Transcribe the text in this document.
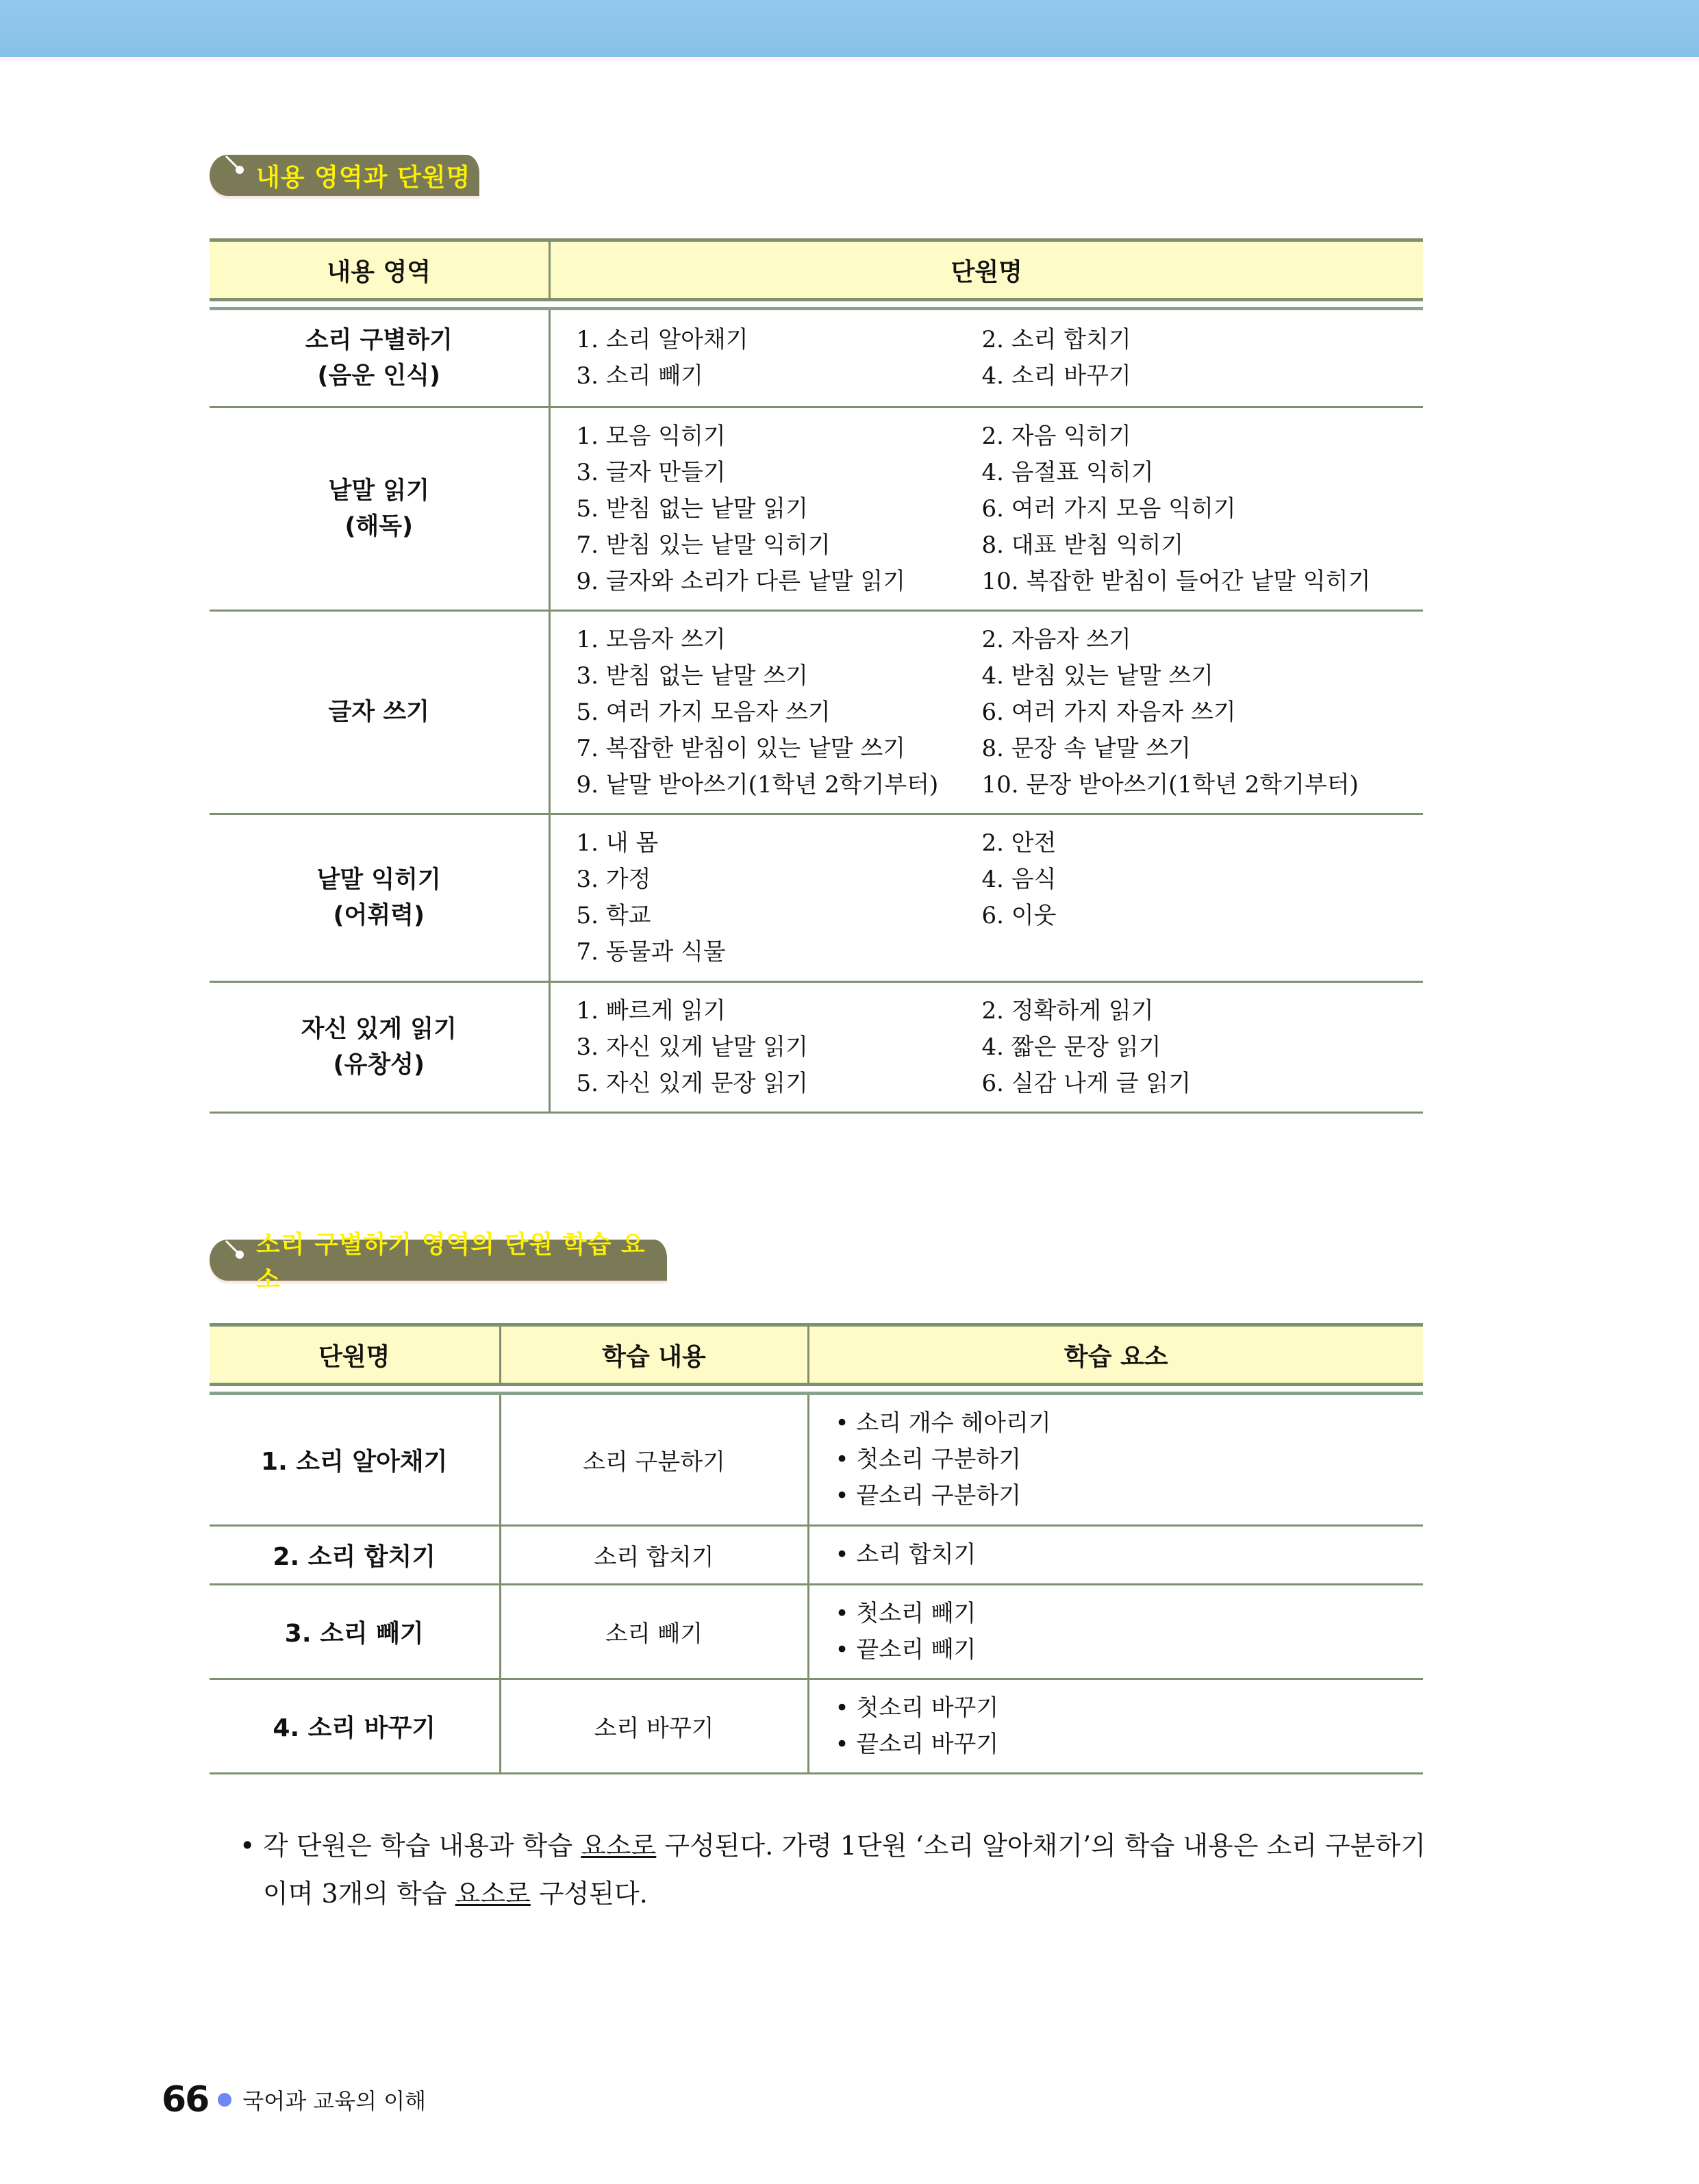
내용 영역과 단원명
내용 영역	단원명

소리 구별하기
(음운 인식)

1. 소리 알아채기	2. 소리 합치기
3. 소리 빼기	4. 소리 바꾸기

낱말 읽기
(해독)

1. 모음 익히기	2. 자음 익히기
3. 글자 만들기	4. 음절표 익히기
5. 받침 없는 낱말 읽기	6. 여러 가지 모음 익히기
7. 받침 있는 낱말 익히기	8. 대표 받침 익히기
9. 글자와 소리가 다른 낱말 읽기	10. 복잡한 받침이 들어간 낱말 익히기

글자 쓰기

1. 모음자 쓰기	2. 자음자 쓰기
3. 받침 없는 낱말 쓰기	4. 받침 있는 낱말 쓰기
5. 여러 가지 모음자 쓰기	6. 여러 가지 자음자 쓰기
7. 복잡한 받침이 있는 낱말 쓰기	8. 문장 속 낱말 쓰기
9. 낱말 받아쓰기(1학년 2학기부터)	10. 문장 받아쓰기(1학년 2학기부터)

낱말 익히기
(어휘력)

1. 내 몸	2. 안전
3. 가정	4. 음식
5. 학교	6. 이웃
7. 동물과 식물

자신 있게 읽기
(유창성)

1. 빠르게 읽기	2. 정확하게 읽기
3. 자신 있게 낱말 읽기	4. 짧은 문장 읽기
5. 자신 있게 문장 읽기	6. 실감 나게 글 읽기
소리 구별하기 영역의 단원 학습 요소
단원명	학습 내용	학습 요소

1. 소리 알아채기	소리 구분하기	• 소리 개수 헤아리기
• 첫소리 구분하기
• 끝소리 구분하기

2. 소리 합치기	소리 합치기	• 소리 합치기

3. 소리 빼기	소리 빼기	• 첫소리 빼기
• 끝소리 빼기

4. 소리 바꾸기	소리 바꾸기	• 첫소리 바꾸기
• 끝소리 바꾸기
• 각 단원은 학습 내용과 학습 요소로 구성된다. 가령 1단원 ‘소리 알아채기’의 학습 내용은 소리 구분하기이며 3개의 학습 요소로 구성된다.
66 국어과 교육의 이해
